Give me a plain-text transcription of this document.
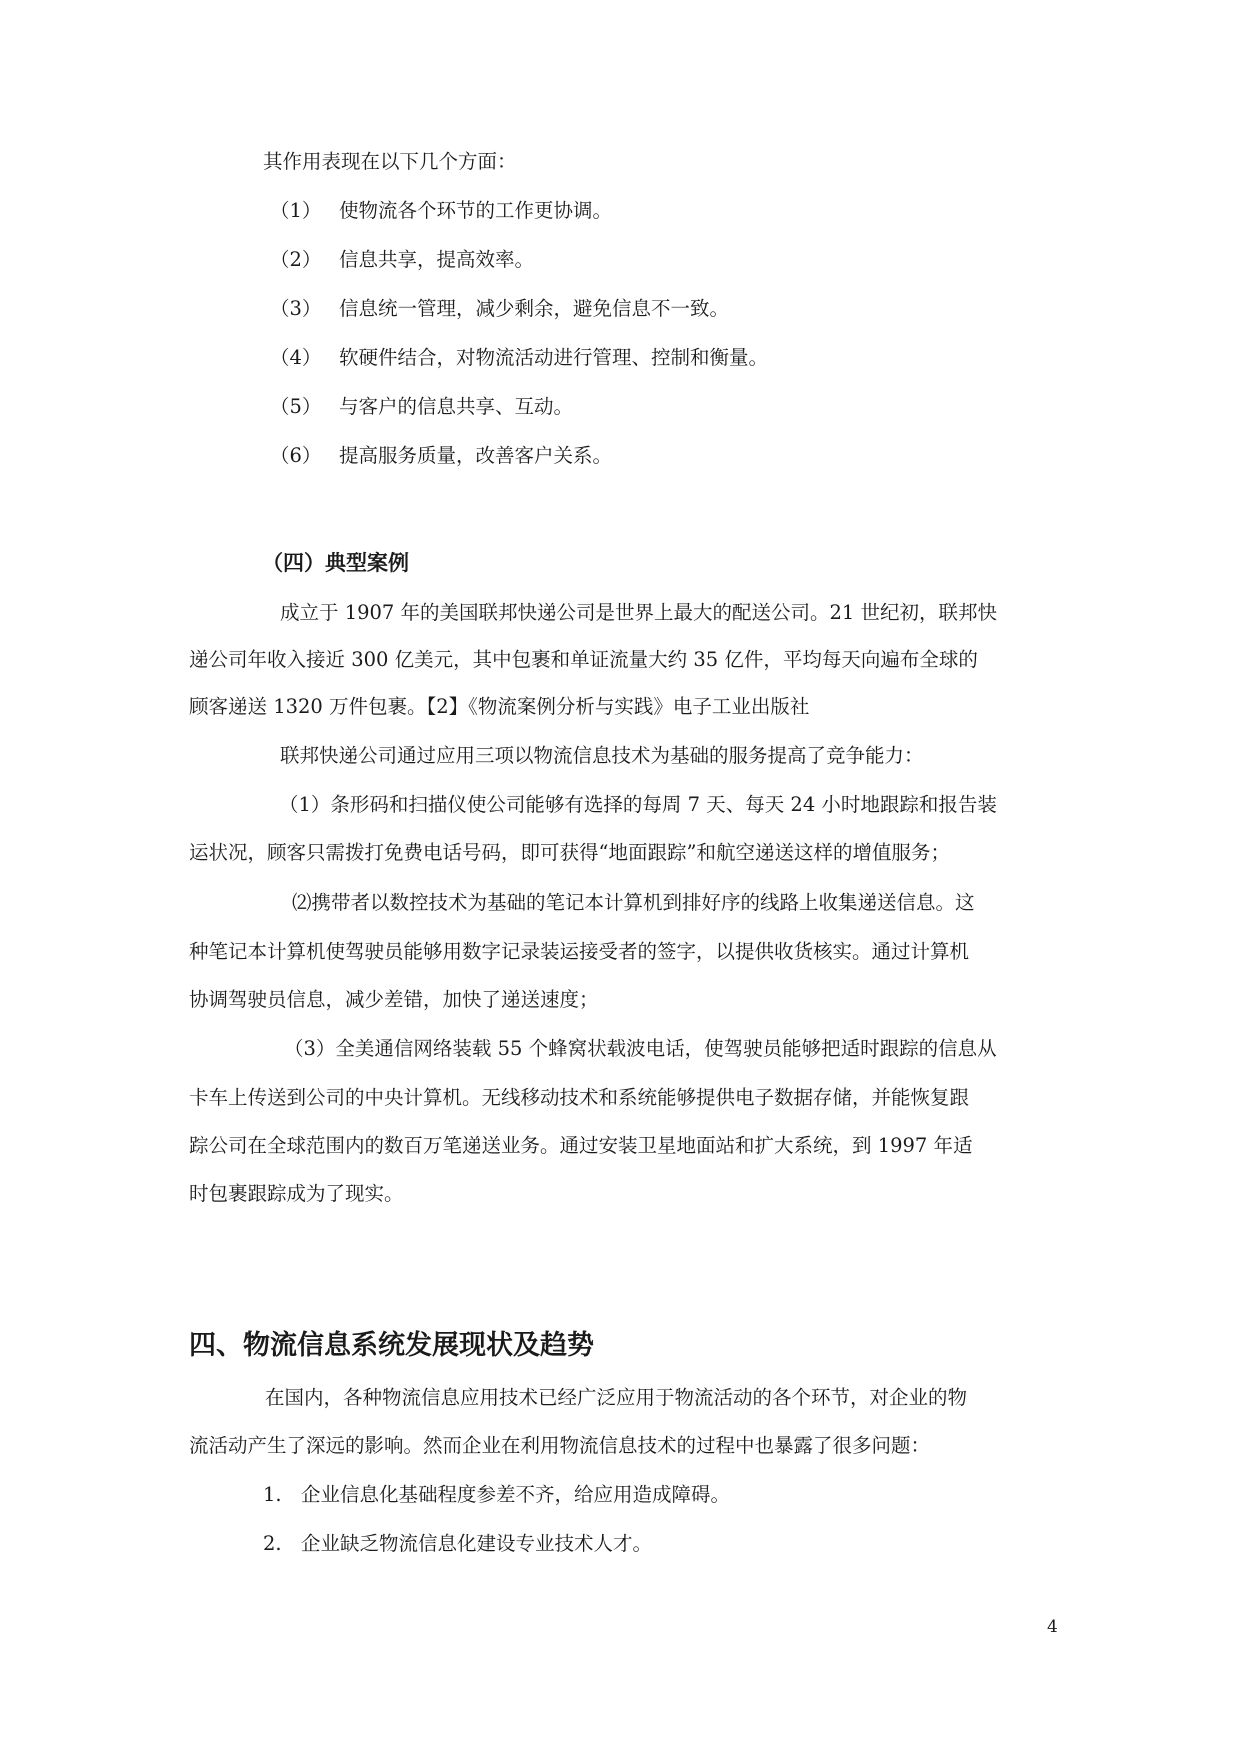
其作用表现在以下几个方面：
（1） 使物流各个环节的工作更协调。
（2） 信息共享，提高效率。
（3） 信息统一管理，减少剩余，避免信息不一致。
（4） 软硬件结合，对物流活动进行管理、控制和衡量。
（5） 与客户的信息共享、互动。
（6） 提高服务质量，改善客户关系。
（四）典型案例
成立于 1907 年的美国联邦快递公司是世界上最大的配送公司。21 世纪初，联邦快
递公司年收入接近 300 亿美元，其中包裹和单证流量大约 35 亿件，平均每天向遍布全球的
顾客递送 1320 万件包裹。【2】《物流案例分析与实践》电子工业出版社
联邦快递公司通过应用三项以物流信息技术为基础的服务提高了竞争能力：
（1）条形码和扫描仪使公司能够有选择的每周 7 天、每天 24 小时地跟踪和报告装
运状况，顾客只需拨打免费电话号码，即可获得“地面跟踪”和航空递送这样的增值服务；
⑵携带者以数控技术为基础的笔记本计算机到排好序的线路上收集递送信息。这
种笔记本计算机使驾驶员能够用数字记录装运接受者的签字，以提供收货核实。通过计算机
协调驾驶员信息，减少差错，加快了递送速度；
（3）全美通信网络装载 55 个蜂窝状载波电话，使驾驶员能够把适时跟踪的信息从
卡车上传送到公司的中央计算机。无线移动技术和系统能够提供电子数据存储，并能恢复跟
踪公司在全球范围内的数百万笔递送业务。通过安装卫星地面站和扩大系统，到 1997 年适
时包裹跟踪成为了现实。
四、物流信息系统发展现状及趋势
在国内，各种物流信息应用技术已经广泛应用于物流活动的各个环节，对企业的物
流活动产生了深远的影响。然而企业在利用物流信息技术的过程中也暴露了很多问题：
1. 企业信息化基础程度参差不齐，给应用造成障碍。
2. 企业缺乏物流信息化建设专业技术人才。
4
